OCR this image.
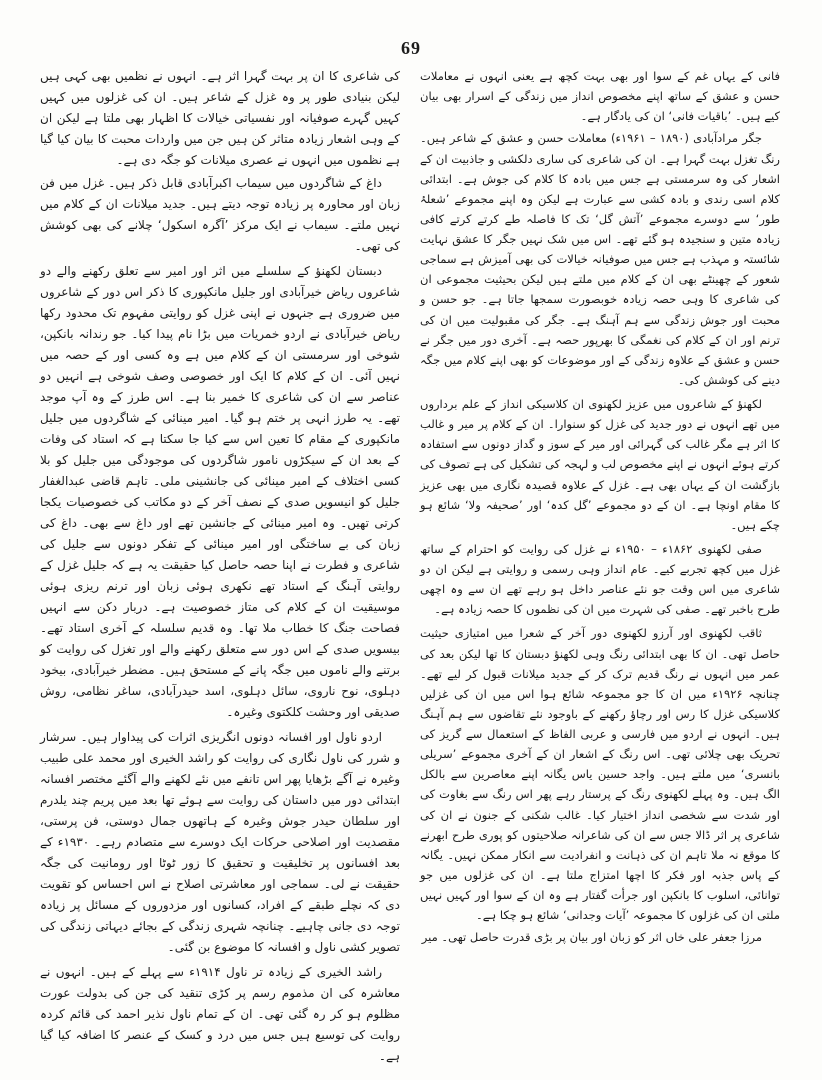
69

فانی کے یہاں غم کے سوا اور بھی بہت کچھ ہے یعنی انہوں نے معاملات حسن و عشق کے ساتھ اپنے مخصوص انداز میں زندگی کے اسرار بھی بیان کیے ہیں۔ ’باقیات فانی‘ ان کی یادگار ہے۔

جگر مرادآبادی (۱۸۹۰ – ۱۹۶۱ء) معاملات حسن و عشق کے شاعر ہیں۔ رنگ تغزل بہت گہرا ہے۔ ان کی شاعری کی ساری دلکشی و جاذبیت ان کے اشعار کی وہ سرمستی ہے جس میں بادہ کا کلام کی جوش ہے۔ ابتدائی کلام اسی رندی و بادہ کشی سے عبارت ہے لیکن وہ اپنے مجموعے ’شعلۂ طور‘ سے دوسرے مجموعے ’آتش گل‘ تک کا فاصلہ طے کرتے کرتے کافی زیادہ متین و سنجیدہ ہو گئے تھے۔ اس میں شک نہیں جگر کا عشق نہایت شائستہ و مہذب ہے جس میں صوفیانہ خیالات کی بھی آمیزش ہے سماجی شعور کے چھینٹے بھی ان کے کلام میں ملتے ہیں لیکن بحیثیت مجموعی ان کی شاعری کا وہی حصہ زیادہ خوبصورت سمجھا جاتا ہے۔ جو حسن و محبت اور جوش زندگی سے ہم آہنگ ہے۔ جگر کی مقبولیت میں ان کی ترنم اور ان کے کلام کی نغمگی کا بھرپور حصہ ہے۔ آخری دور میں جگر نے حسن و عشق کے علاوہ زندگی کے اور موضوعات کو بھی اپنے کلام میں جگہ دینے کی کوشش کی۔

لکھنؤ کے شاعروں میں عزیز لکھنوی ان کلاسیکی انداز کے علم برداروں میں تھے انہوں نے دور جدید کی غزل کو سنوارا۔ ان کے کلام پر میر و غالب کا اثر ہے مگر غالب کی گہرائی اور میر کے سوز و گداز دونوں سے استفادہ کرتے ہوئے انہوں نے اپنے مخصوص لب و لہجہ کی تشکیل کی ہے تصوف کی بازگشت ان کے یہاں بھی ہے۔ غزل کے علاوہ قصیدہ نگاری میں بھی عزیز کا مقام اونچا ہے۔ ان کے دو مجموعے ’گل کدہ‘ اور ’صحیفہ ولا‘ شائع ہو چکے ہیں۔

صفی لکھنوی ۱۸۶۲ء – ۱۹۵۰ء نے غزل کی روایت کو احترام کے ساتھ غزل میں کچھ تجربے کیے۔ عام انداز وہی رسمی و روایتی ہے لیکن ان دو شاعری میں اس وقت جو نئے عناصر داخل ہو رہے تھے ان سے وہ اچھی طرح باخبر تھے۔ صفی کی شہرت میں ان کی نظموں کا حصہ زیادہ ہے۔

ثاقب لکھنوی اور آرزو لکھنوی دور آخر کے شعرا میں امتیازی حیثیت حاصل تھی۔ ان کا بھی ابتدائی رنگ وہی لکھنؤ دبستان کا تھا لیکن بعد کی عمر میں انہوں نے رنگ قدیم ترک کر کے جدید میلانات قبول کر لیے تھے۔ چنانچہ ۱۹۲۶ء میں ان کا جو مجموعہ شائع ہوا اس میں ان کی غزلیں کلاسیکی غزل کا رس اور رچاؤ رکھنے کے باوجود نئے تقاضوں سے ہم آہنگ ہیں۔ انہوں نے اردو میں فارسی و عربی الفاظ کے استعمال سے گریز کی تحریک بھی چلائی تھی۔ اس رنگ کے اشعار ان کے آخری مجموعے ’سریلی بانسری‘ میں ملتے ہیں۔ واجد حسین یاس یگانہ اپنے معاصرین سے بالکل الگ ہیں۔ وہ پہلے لکھنوی رنگ کے پرستار رہے پھر اس رنگ سے بغاوت کی اور شدت سے شخصی انداز اختیار کیا۔ غالب شکنی کے جنون نے ان کی شاعری پر اثر ڈالا جس سے ان کی شاعرانہ صلاحیتوں کو پوری طرح ابھرنے کا موقع نہ ملا تاہم ان کی ذہانت و انفرادیت سے انکار ممکن نہیں۔ یگانہ کے پاس جذبہ اور فکر کا اچھا امتزاج ملتا ہے۔ ان کی غزلوں میں جو توانائی، اسلوب کا بانکپن اور جرأت گفتار ہے وہ ان کے سوا اور کہیں نہیں ملتی ان کی غزلوں کا مجموعہ ’آیات وجدانی‘ شائع ہو چکا ہے۔

مرزا جعفر علی خاں اثر کو زبان اور بیان پر بڑی قدرت حاصل تھی۔ میر

کی شاعری کا ان پر بہت گہرا اثر ہے۔ انہوں نے نظمیں بھی کہی ہیں لیکن بنیادی طور پر وہ غزل کے شاعر ہیں۔ ان کی غزلوں میں کہیں کہیں گہرے صوفیانہ اور نفسیاتی خیالات کا اظہار بھی ملتا ہے لیکن ان کے وہی اشعار زیادہ متاثر کن ہیں جن میں واردات محبت کا بیان کیا گیا ہے نظموں میں انہوں نے عصری میلانات کو جگہ دی ہے۔

داغ کے شاگردوں میں سیماب اکبرآبادی قابل ذکر ہیں۔ غزل میں فن زبان اور محاورہ پر زیادہ توجہ دیتے ہیں۔ جدید میلانات ان کے کلام میں نہیں ملتے۔ سیماب نے ایک مرکز ’آگرہ اسکول‘ چلانے کی بھی کوشش کی تھی۔

دبستان لکھنؤ کے سلسلے میں اثر اور امیر سے تعلق رکھنے والے دو شاعروں ریاض خیرآبادی اور جلیل مانکپوری کا ذکر اس دور کے شاعروں میں ضروری ہے جنہوں نے اپنی غزل کو روایتی مفہوم تک محدود رکھا ریاض خیرآبادی نے اردو خمریات میں بڑا نام پیدا کیا۔ جو رندانہ بانکپن، شوخی اور سرمستی ان کے کلام میں ہے وہ کسی اور کے حصہ میں نہیں آئی۔ ان کے کلام کا ایک اور خصوصی وصف شوخی ہے انہیں دو عناصر سے ان کی شاعری کا خمیر بنا ہے۔ اس طرز کے وہ آپ موجد تھے۔ یہ طرز انہی پر ختم ہو گیا۔ امیر مینائی کے شاگردوں میں جلیل مانکپوری کے مقام کا تعین اس سے کیا جا سکتا ہے کہ استاد کی وفات کے بعد ان کے سیکڑوں نامور شاگردوں کی موجودگی میں جلیل کو بلا کسی اختلاف کے امیر مینائی کی جانشینی ملی۔ تاہم قاضی عبدالغفار جلیل کو انیسویں صدی کے نصف آخر کے دو مکاتب کی خصوصیات یکجا کرتی تھیں۔ وہ امیر مینائی کے جانشین تھے اور داغ سے بھی۔ داغ کی زبان کی بے ساختگی اور امیر مینائی کے تفکر دونوں سے جلیل کی شاعری و فطرت نے اپنا حصہ حاصل کیا حقیقت یہ ہے کہ جلیل غزل کے روایتی آہنگ کے استاد تھے نکھری ہوئی زبان اور ترنم ریزی ہوئی موسیقیت ان کے کلام کی متاز خصوصیت ہے۔ دربار دکن سے انہیں فصاحت جنگ کا خطاب ملا تھا۔ وہ قدیم سلسلہ کے آخری استاد تھے۔ بیسویں صدی کے اس دور سے متعلق رکھنے والے اور تغزل کی روایت کو برتنے والے ناموں میں جگہ پانے کے مستحق ہیں۔ مضطر خیرآبادی، بیخود دہلوی، نوح ناروی، سائل دہلوی، اسد حیدرآبادی، ساغر نظامی، روش صدیقی اور وحشت کلکتوی وغیرہ۔

اردو ناول اور افسانہ دونوں انگریزی اثرات کی پیداوار ہیں۔ سرشار و شرر کی ناول نگاری کی روایت کو راشد الخیری اور محمد علی طبیب وغیرہ نے آگے بڑھایا پھر اس تانفے میں نئے لکھنے والے آگئے مختصر افسانہ ابتدائی دور میں داستان کی روایت سے ہوئے تھا بعد میں پریم چند یلدرم اور سلطان حیدر جوش وغیرہ کے ہاتھوں جمال دوستی، فن پرستی، مقصدیت اور اصلاحی حرکات ایک دوسرے سے متصادم رہے۔ ۱۹۳۰ء کے بعد افسانوں پر تخلیقیت و تحقیق کا زور ٹوٹا اور رومانیت کی جگہ حقیقت نے لی۔ سماجی اور معاشرتی اصلاح نے اس احساس کو تقویت دی کہ نچلے طبقے کے افراد، کسانوں اور مزدوروں کے مسائل پر زیادہ توجہ دی جانی چاہیے۔ چنانچہ شہری زندگی کے بجائے دیہاتی زندگی کی تصویر کشی ناول و افسانہ کا موضوع بن گئی۔

راشد الخیری کے زیادہ تر ناول ۱۹۱۴ء سے پہلے کے ہیں۔ انہوں نے معاشرہ کی ان مذموم رسم پر کڑی تنقید کی جن کی بدولت عورت مظلوم ہو کر رہ گئی تھی۔ ان کے تمام ناول نذیر احمد کی قائم کردہ روایت کی توسیع ہیں جس میں درد و کسک کے عنصر کا اضافہ کیا گیا ہے۔
